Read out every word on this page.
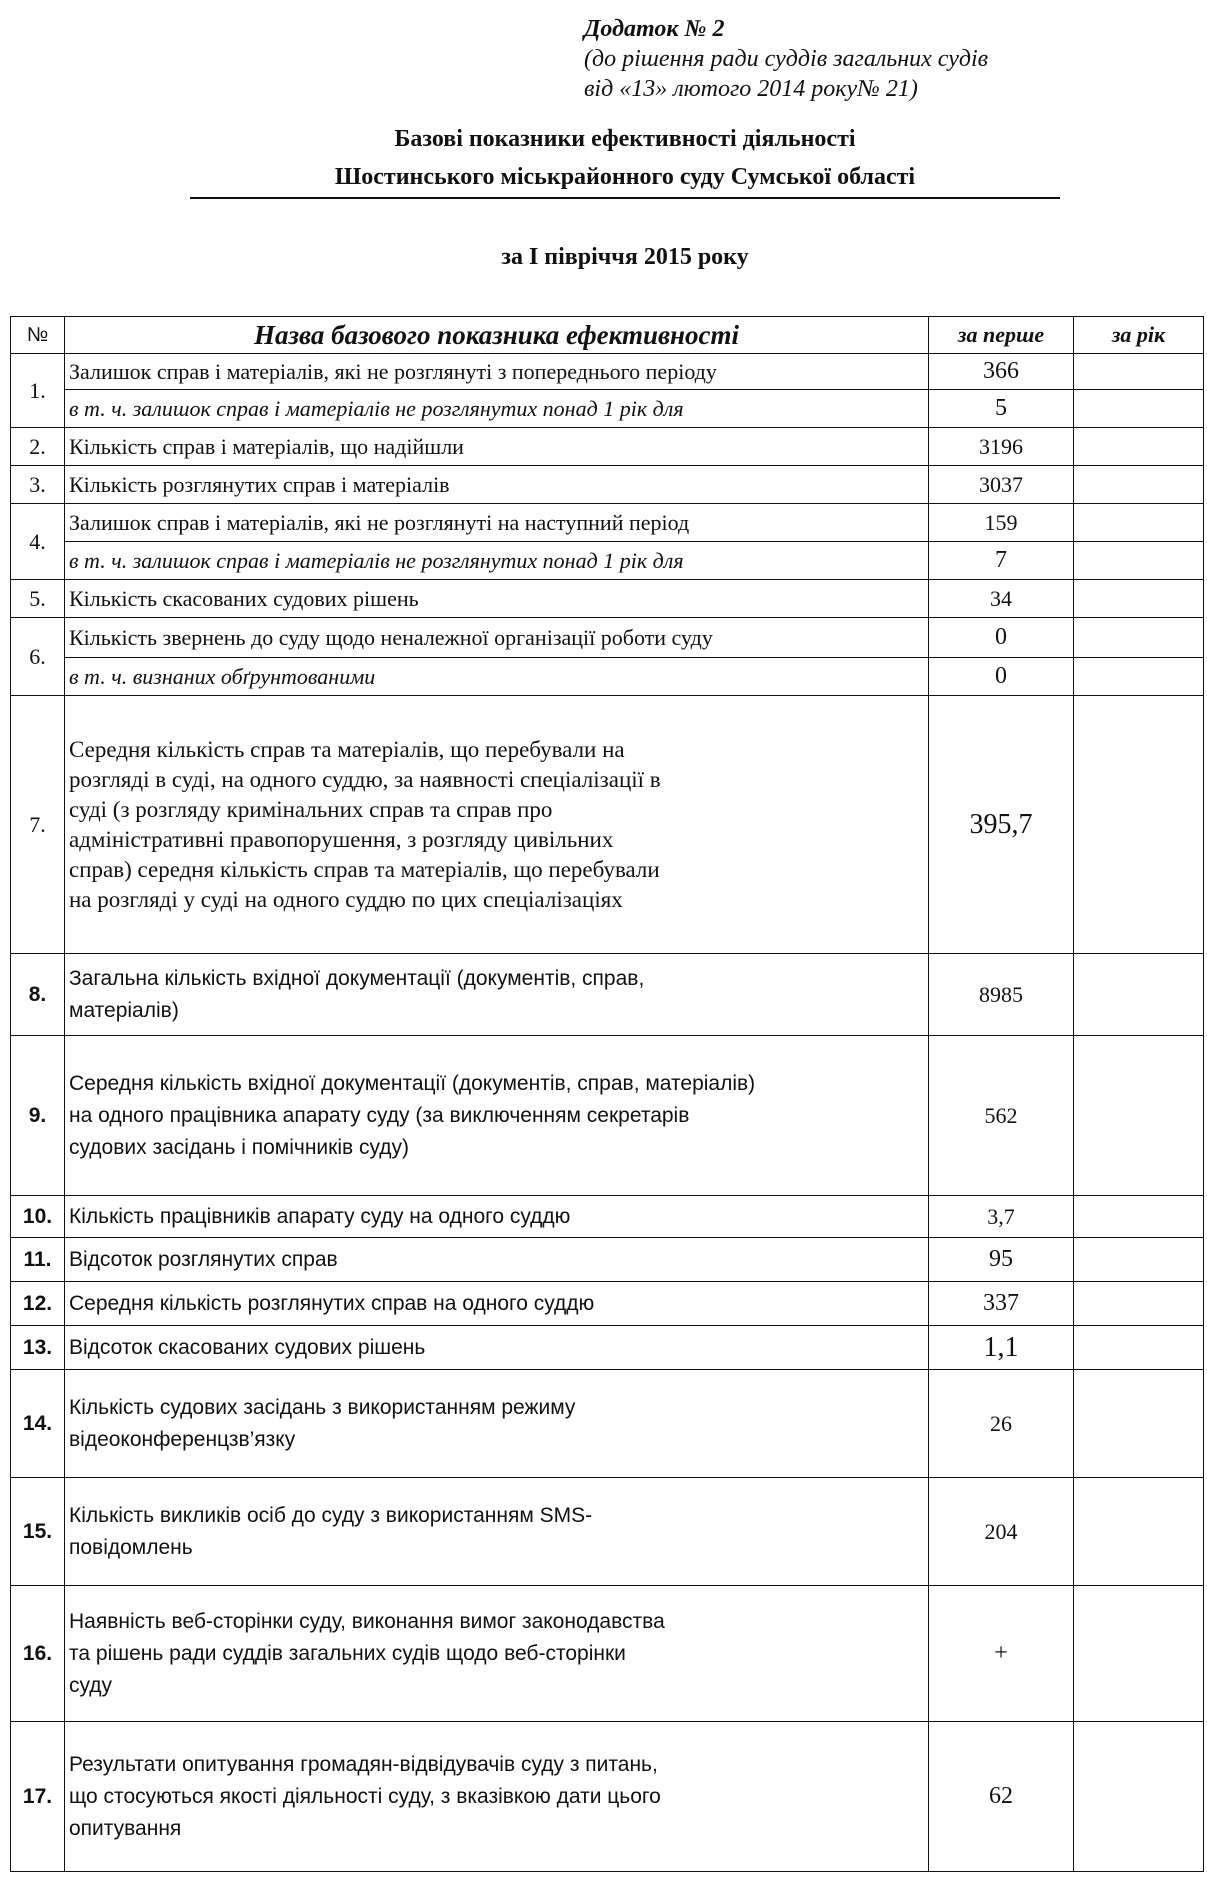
Додаток № 2
(до рішення ради суддів загальних судів
від «13» лютого 2014 року№ 21)
Базові показники ефективності діяльності
Шостинського міськрайонного суду Сумської області
за І півріччя 2015 року
№	Назва базового показника ефективності	за перше	за рік
1.	Залишок справ і матеріалів, які не розглянуті з попереднього періоду	366	
	в т. ч. залишок справ і матеріалів не розглянутих понад 1 рік для	5	
2.	Кількість справ і матеріалів, що надійшли	3196	
3.	Кількість розглянутих справ і матеріалів	3037	
4.	Залишок справ і матеріалів, які не розглянуті на наступний період	159	
	в т. ч. залишок справ і матеріалів не розглянутих понад 1 рік для	7	
5.	Кількість скасованих судових рішень	34	
6.	Кількість звернень до суду щодо неналежної організації роботи суду	0	
	в т. ч. визнаних обґрунтованими	0	
7.	Середня кількість справ та матеріалів, що перебували на розгляді в суді, на одного суддю, за наявності спеціалізації в суді (з розгляду кримінальних справ та справ про адміністративні правопорушення, з розгляду цивільних справ) середня кількість справ та матеріалів, що перебували на розгляді у суді на одного суддю по цих спеціалізаціях	395,7	
8.	Загальна кількість вхідної документації (документів, справ, матеріалів)	8985	
9.	Середня кількість вхідної документації (документів, справ, матеріалів) на одного працівника апарату суду (за виключенням секретарів судових засідань і помічників суду)	562	
10.	Кількість працівників апарату суду на одного суддю	3,7	
11.	Відсоток розглянутих справ	95	
12.	Середня кількість розглянутих справ на одного суддю	337	
13.	Відсоток скасованих судових рішень	1,1	
14.	Кількість судових засідань з використанням режиму відеоконференцзв’язку	26	
15.	Кількість викликів осіб до суду з використанням SMS-повідомлень	204	
16.	Наявність веб-сторінки суду, виконання вимог законодавства та рішень ради суддів загальних судів щодо веб-сторінки суду	+	
17.	Результати опитування громадян-відвідувачів суду з питань, що стосуються якості діяльності суду, з вказівкою дати цього опитування	62	
